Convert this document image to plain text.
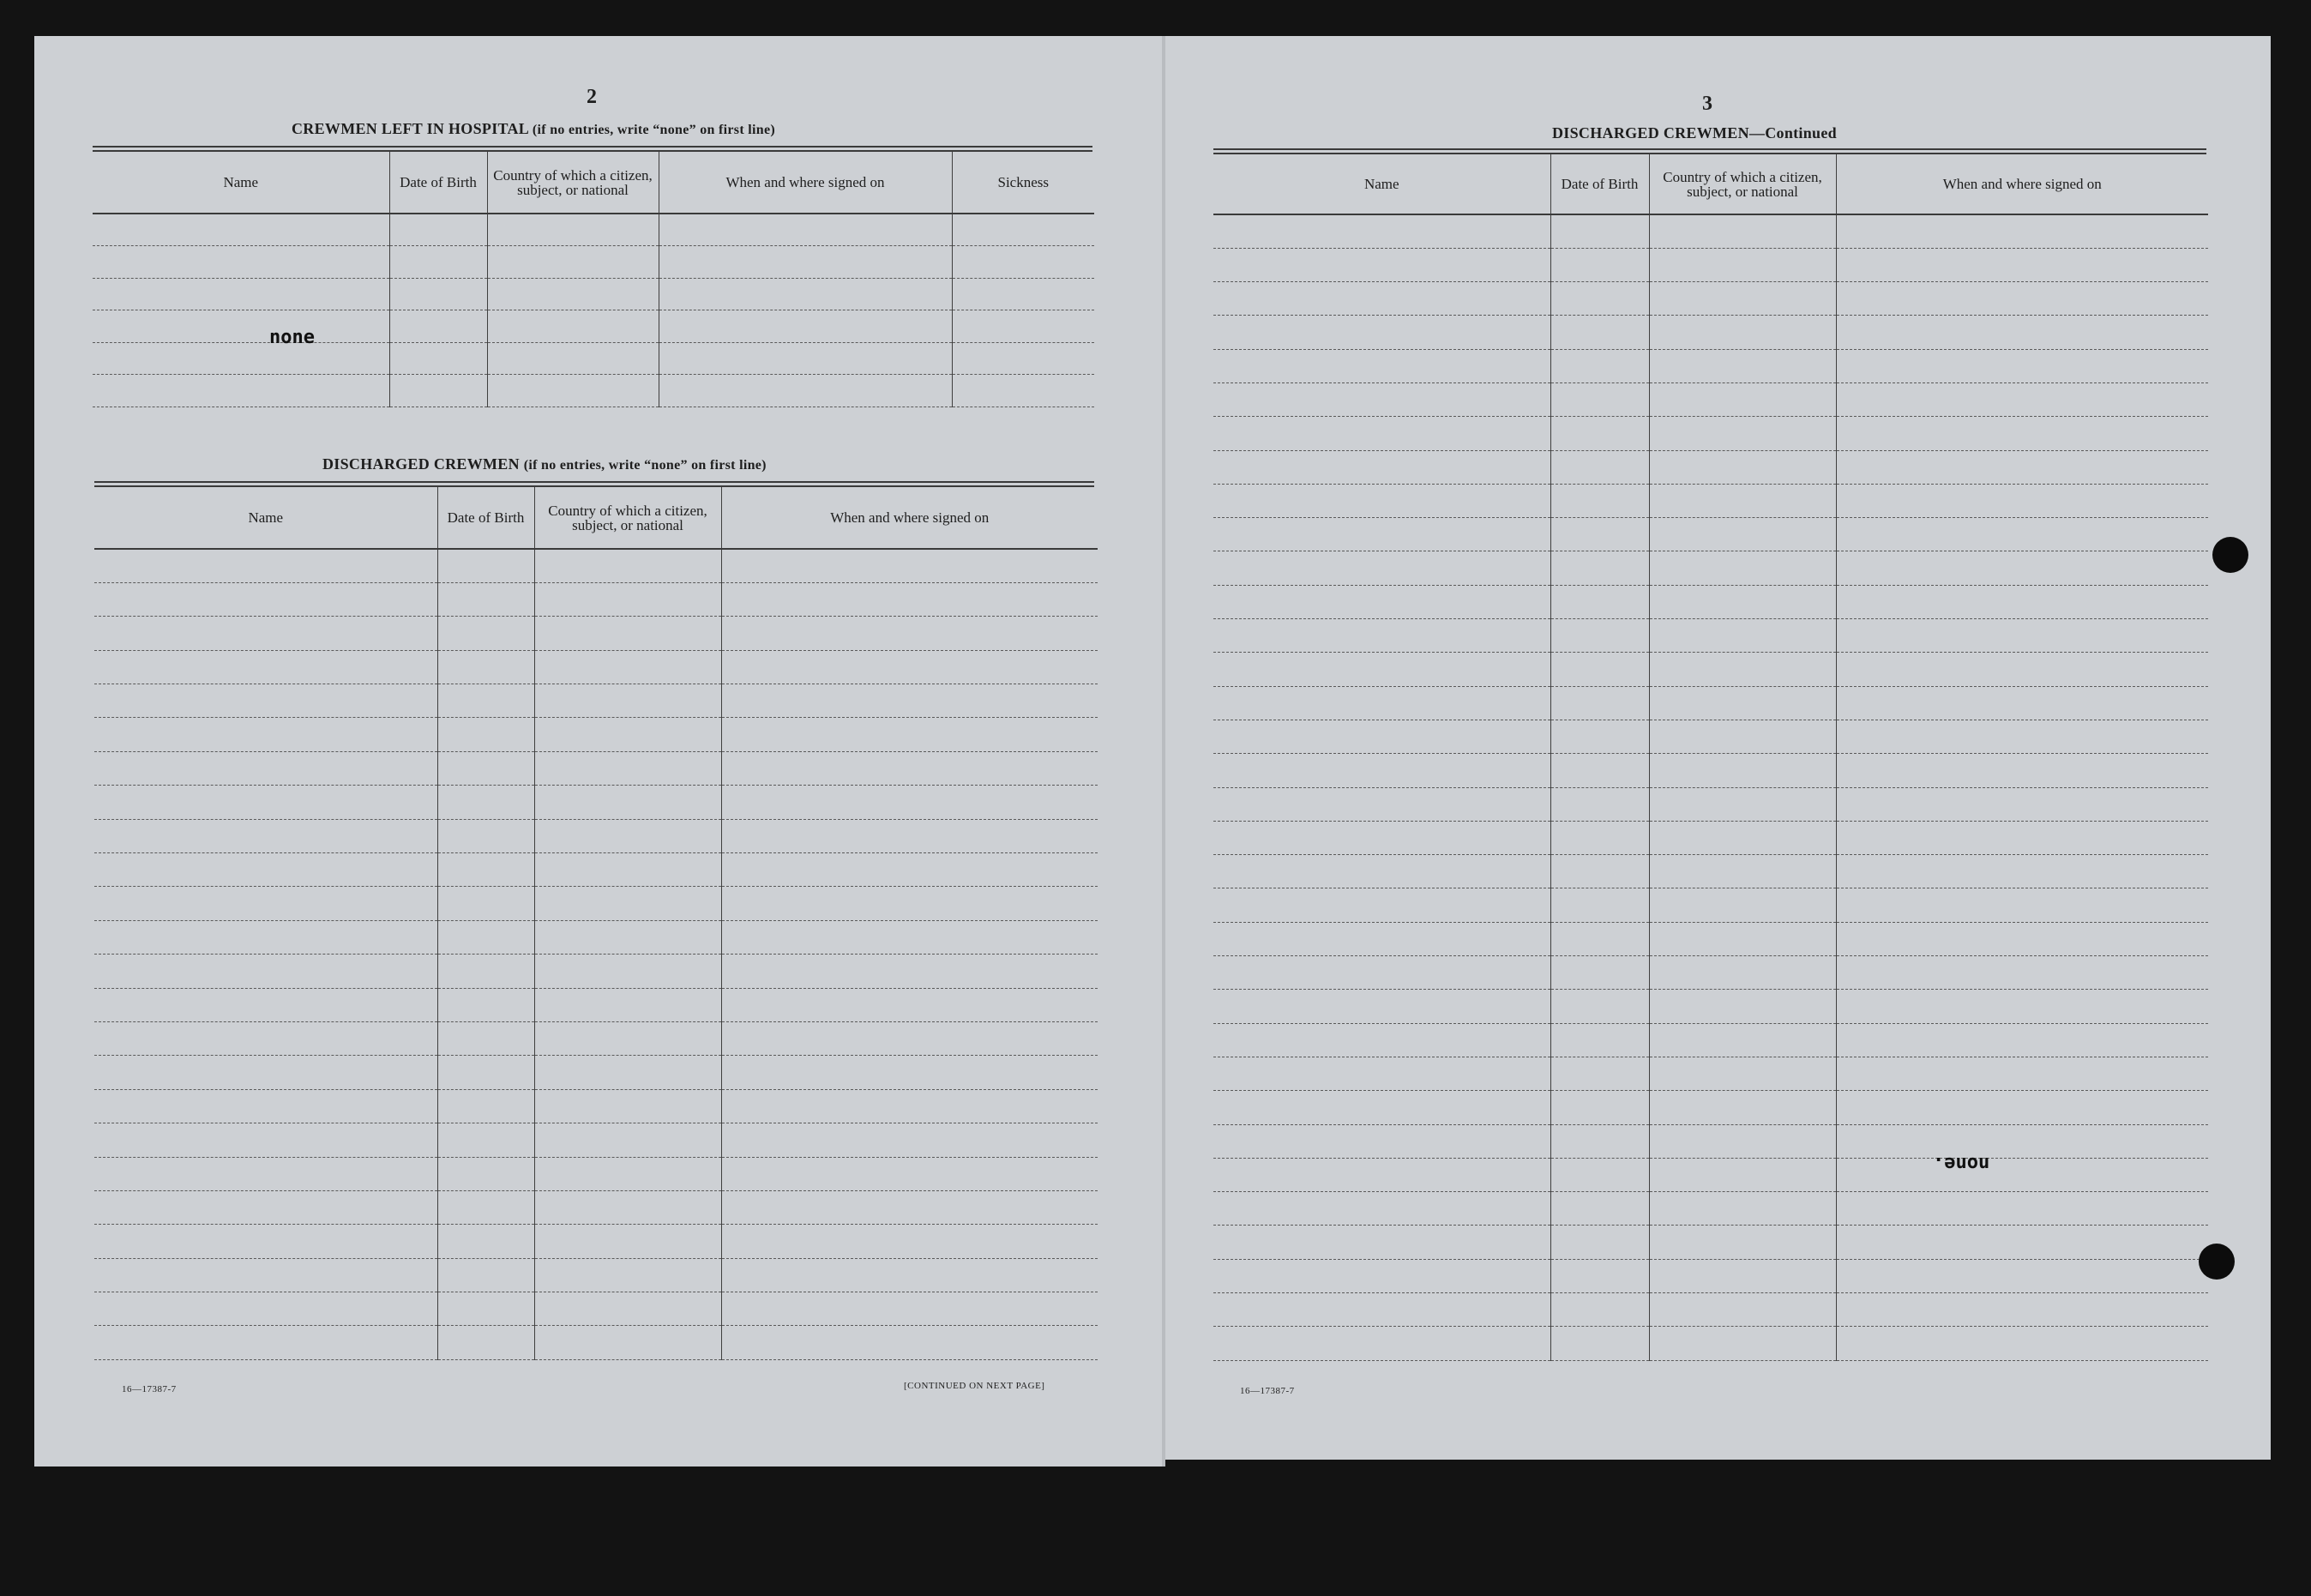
2
CREWMEN LEFT IN HOSPITAL (if no entries, write “none” on first line)
Name	Date of Birth	Country of which a citizen, subject, or national	When and where signed on	Sickness

none
DISCHARGED CREWMEN (if no entries, write “none” on first line)
Name	Date of Birth	Country of which a citizen, subject, or national	When and where signed on

16—17387-7	[CONTINUED ON NEXT PAGE]
3
DISCHARGED CREWMEN—Continued
Name	Date of Birth	Country of which a citizen, subject, or national	When and where signed on

none.
16—17387-7
